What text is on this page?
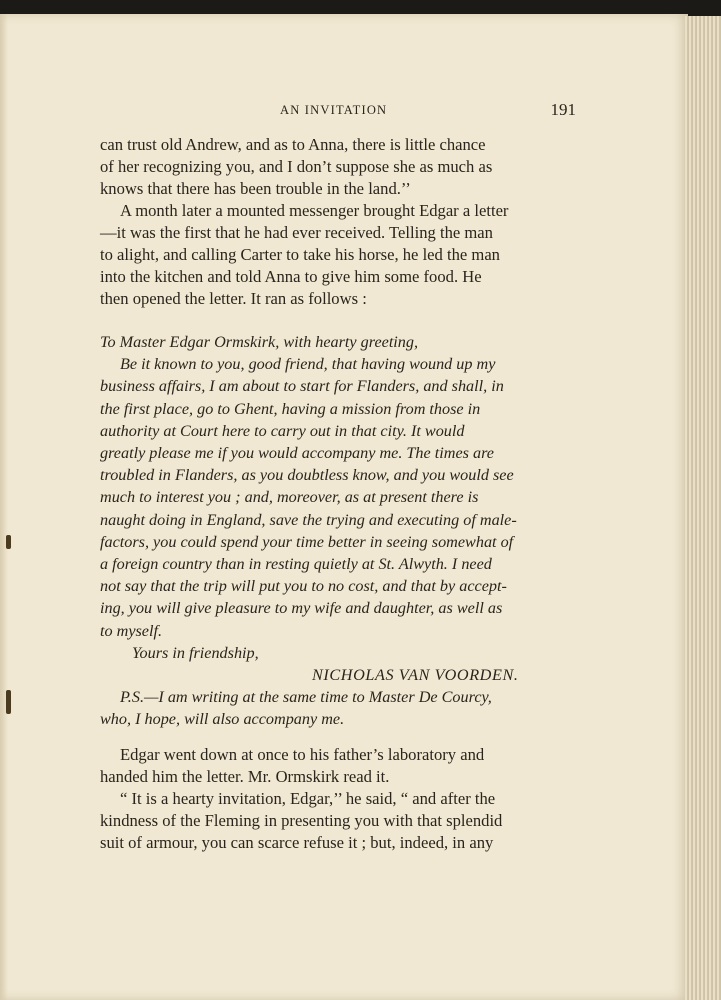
AN INVITATION	191

can trust old Andrew, and as to Anna, there is little chance

of her recognizing you, and I don’t suppose she as much as

knows that there has been trouble in the land.’’

A month later a mounted messenger brought Edgar a letter

—it was the first that he had ever received. Telling the man

to alight, and calling Carter to take his horse, he led the man

into the kitchen and told Anna to give him some food. He

then opened the letter. It ran as follows :

To Master Edgar Ormskirk, with hearty greeting,

Be it known to you, good friend, that having wound up my

business affairs, I am about to start for Flanders, and shall, in

the first place, go to Ghent, having a mission from those in

authority at Court here to carry out in that city. It would

greatly please me if you would accompany me. The times are

troubled in Flanders, as you doubtless know, and you would see

much to interest you ; and, moreover, as at present there is

naught doing in England, save the trying and executing of male-

factors, you could spend your time better in seeing somewhat of

a foreign country than in resting quietly at St. Alwyth. I need

not say that the trip will put you to no cost, and that by accept-

ing, you will give pleasure to my wife and daughter, as well as

to myself.

Yours in friendship,

NICHOLAS VAN VOORDEN.

P.S.—I am writing at the same time to Master De Courcy,

who, I hope, will also accompany me.

Edgar went down at once to his father’s laboratory and

handed him the letter. Mr. Ormskirk read it.

“ It is a hearty invitation, Edgar,’’ he said, “ and after the

kindness of the Fleming in presenting you with that splendid

suit of armour, you can scarce refuse it ; but, indeed, in any
